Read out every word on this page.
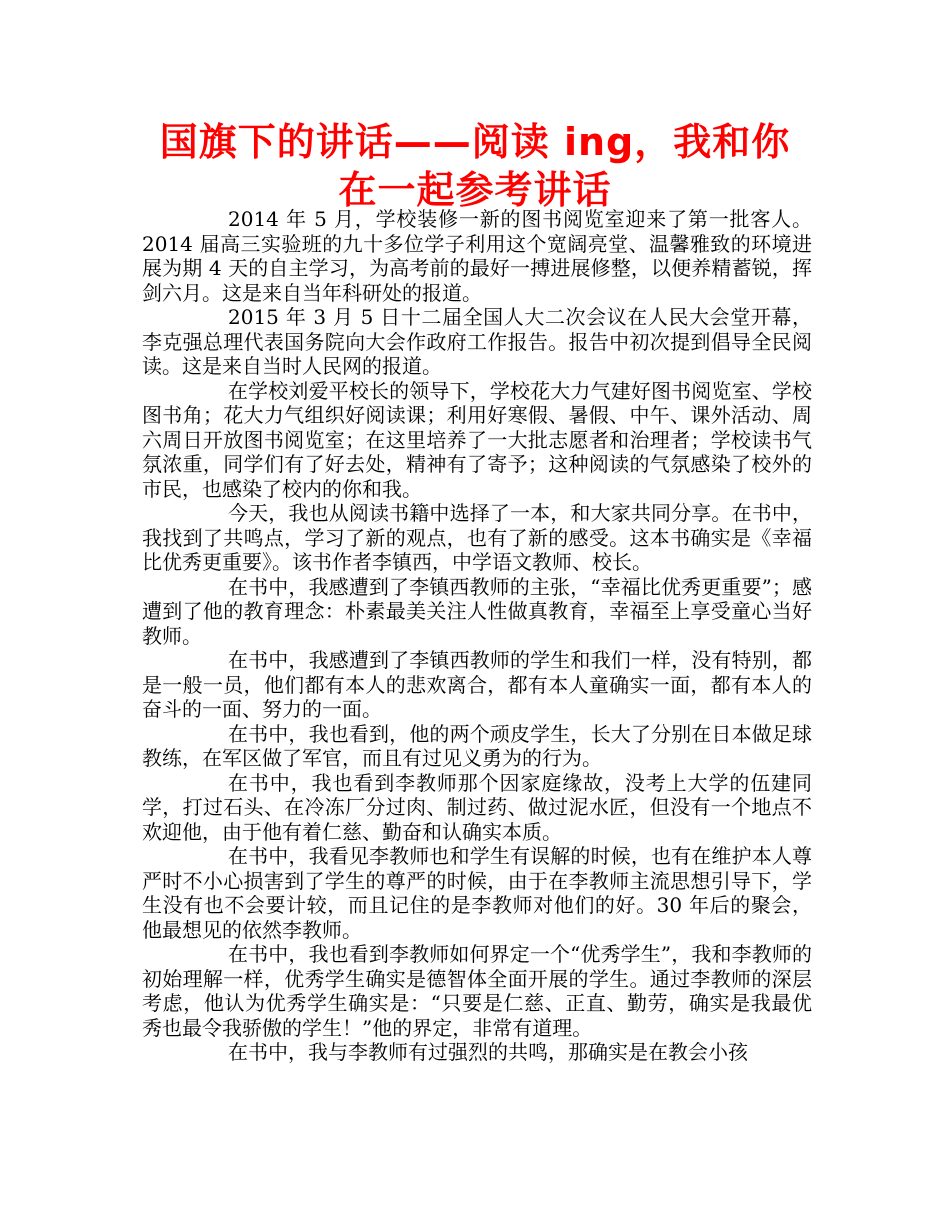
国旗下的讲话——阅读 ing，我和你在一起参考讲话

2014 年 5 月，学校装修一新的图书阅览室迎来了第一批客人。2014 届高三实验班的九十多位学子利用这个宽阔亮堂、温馨雅致的环境进展为期 4 天的自主学习，为高考前的最好一搏进展修整，以便养精蓄锐，挥剑六月。这是来自当年科研处的报道。

2015 年 3 月 5 日十二届全国人大二次会议在人民大会堂开幕，李克强总理代表国务院向大会作政府工作报告。报告中初次提到倡导全民阅读。这是来自当时人民网的报道。

在学校刘爱平校长的领导下，学校花大力气建好图书阅览室、学校图书角；花大力气组织好阅读课；利用好寒假、暑假、中午、课外活动、周六周日开放图书阅览室；在这里培养了一大批志愿者和治理者；学校读书气氛浓重，同学们有了好去处，精神有了寄予；这种阅读的气氛感染了校外的市民，也感染了校内的你和我。

今天，我也从阅读书籍中选择了一本，和大家共同分享。在书中，我找到了共鸣点，学习了新的观点，也有了新的感受。这本书确实是《幸福比优秀更重要》。该书作者李镇西，中学语文教师、校长。

在书中，我感遭到了李镇西教师的主张，“幸福比优秀更重要”；感遭到了他的教育理念：朴素最美关注人性做真教育，幸福至上享受童心当好教师。

在书中，我感遭到了李镇西教师的学生和我们一样，没有特别，都是一般一员，他们都有本人的悲欢离合，都有本人童确实一面，都有本人的奋斗的一面、努力的一面。

在书中，我也看到，他的两个顽皮学生，长大了分别在日本做足球教练，在军区做了军官，而且有过见义勇为的行为。

在书中，我也看到李教师那个因家庭缘故，没考上大学的伍建同学，打过石头、在冷冻厂分过肉、制过药、做过泥水匠，但没有一个地点不欢迎他，由于他有着仁慈、勤奋和认确实本质。

在书中，我看见李教师也和学生有误解的时候，也有在维护本人尊严时不小心损害到了学生的尊严的时候，由于在李教师主流思想引导下，学生没有也不会要计较，而且记住的是李教师对他们的好。30 年后的聚会，他最想见的依然李教师。

在书中，我也看到李教师如何界定一个“优秀学生”，我和李教师的初始理解一样，优秀学生确实是德智体全面开展的学生。通过李教师的深层考虑，他认为优秀学生确实是：“只要是仁慈、正直、勤劳，确实是我最优秀也最令我骄傲的学生！”他的界定，非常有道理。

在书中，我与李教师有过强烈的共鸣，那确实是在教会小孩
